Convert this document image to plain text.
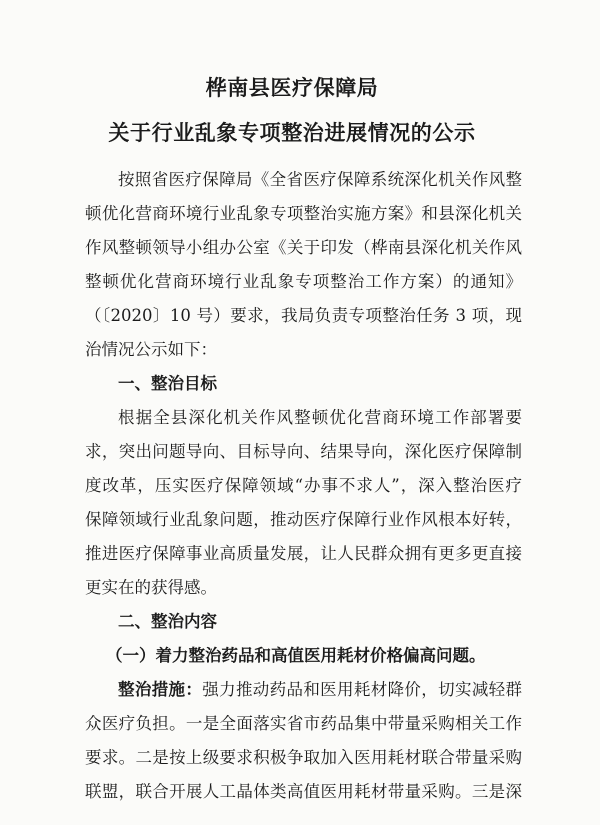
桦南县医疗保障局
关于行业乱象专项整治进展情况的公示
按照省医疗保障局《全省医疗保障系统深化机关作风整
顿优化营商环境行业乱象专项整治实施方案》和县深化机关
作风整顿领导小组办公室《关于印发（桦南县深化机关作风
整顿优化营商环境行业乱象专项整治工作方案）的通知》
（〔2020〕10 号）要求，我局负责专项整治任务 3 项，现
治情况公示如下：
一、整治目标
根据全县深化机关作风整顿优化营商环境工作部署要
求，突出问题导向、目标导向、结果导向，深化医疗保障制
度改革，压实医疗保障领域“办事不求人”，深入整治医疗
保障领域行业乱象问题，推动医疗保障行业作风根本好转，
推进医疗保障事业高质量发展，让人民群众拥有更多更直接
更实在的获得感。
二、整治内容
（一）着力整治药品和高值医用耗材价格偏高问题。
整治措施：强力推动药品和医用耗材降价，切实减轻群
众医疗负担。一是全面落实省市药品集中带量采购相关工作
要求。二是按上级要求积极争取加入医用耗材联合带量采购
联盟，联合开展人工晶体类高值医用耗材带量采购。三是深
